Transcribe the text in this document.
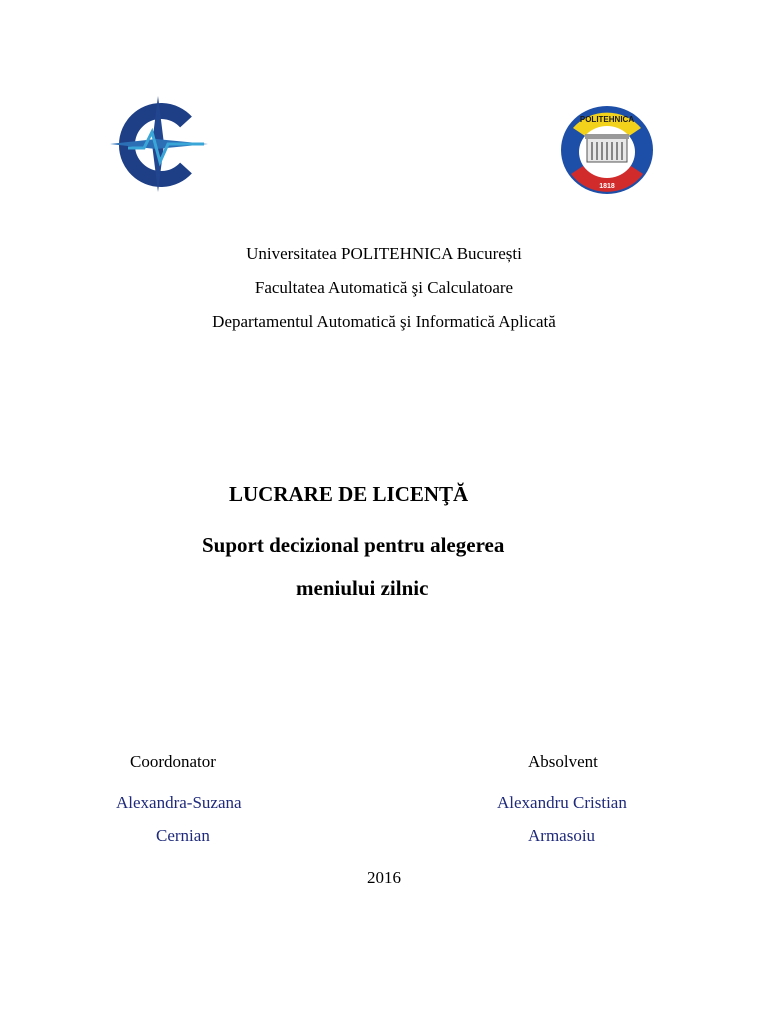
POLITEHNICA
1818
Universitatea POLITEHNICA București
Facultatea Automatică şi Calculatoare
Departamentul Automatică şi Informatică Aplicată
LUCRARE DE LICENŢĂ
Suport decizional pentru alegerea
meniului zilnic
Coordonator
Alexandra-Suzana
Cernian
Absolvent
Alexandru Cristian
Armasoiu
2016
